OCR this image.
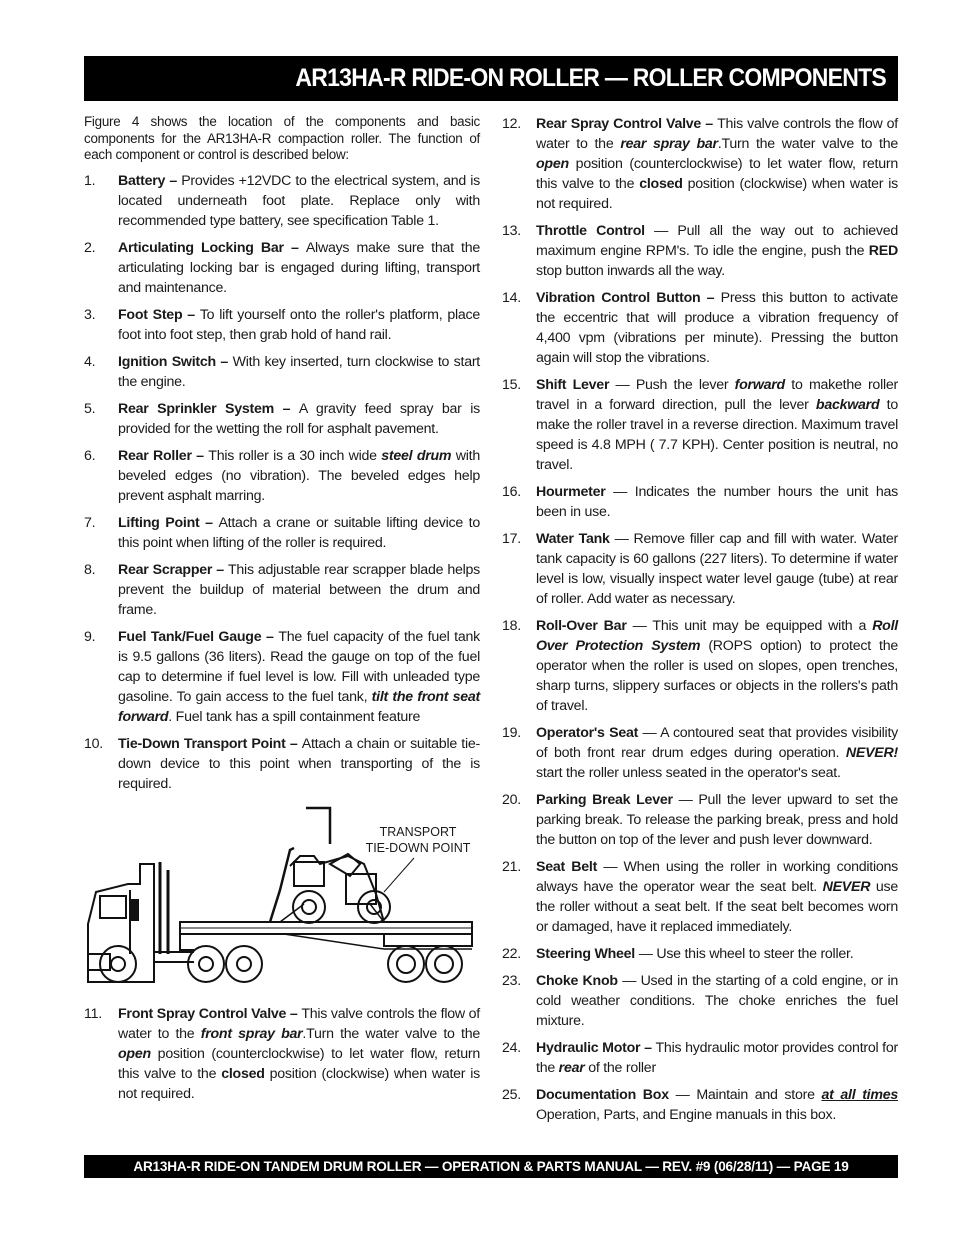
AR13HA-R RIDE-ON ROLLER — ROLLER COMPONENTS

Figure 4 shows the location of the components and basic components for the AR13HA-R compaction roller. The function of each component or control is described below:

1.	Battery – Provides +12VDC to the electrical system, and is located underneath foot plate. Replace only with recommended type battery, see specification Table 1.
2.	Articulating Locking Bar – Always make sure that the articulating locking bar is engaged during lifting, transport and maintenance.
3.	Foot Step – To lift yourself onto the roller's platform, place foot into foot step, then grab hold of hand rail.
4.	Ignition Switch – With key inserted, turn clockwise to start the engine.
5.	Rear Sprinkler System – A gravity feed spray bar is provided for the wetting the roll for asphalt pavement.
6.	Rear Roller – This roller is a 30 inch wide steel drum with beveled edges (no vibration). The beveled edges help prevent asphalt marring.
7.	Lifting Point – Attach a crane or suitable lifting device to this point when lifting of the roller is required.
8.	Rear Scrapper – This adjustable rear scrapper blade helps prevent the buildup of material between the drum and frame.
9.	Fuel Tank/Fuel Gauge – The fuel capacity of the fuel tank is 9.5 gallons (36 liters). Read the gauge on top of the fuel cap to determine if fuel level is low. Fill with unleaded type gasoline. To gain access to the fuel tank, tilt the front seat forward. Fuel tank has a spill containment feature
10.	Tie-Down Transport Point – Attach a chain or suitable tie-down device to this point when transporting of the is required.
TRANSPORT
TIE-DOWN POINT
11.	Front Spray Control Valve – This valve controls the flow of water to the front spray bar.Turn the water valve to the open position (counterclockwise) to let water flow, return this valve to the closed position (clockwise) when water is not required.
12.	Rear Spray Control Valve – This valve controls the flow of water to the rear spray bar.Turn the water valve to the open position (counterclockwise) to let water flow, return this valve to the closed position (clockwise) when water is not required.
13.	Throttle Control — Pull all the way out to achieved maximum engine RPM's. To idle the engine, push the RED stop button inwards all the way.
14.	Vibration Control Button – Press this button to activate the eccentric that will produce a vibration frequency of 4,400 vpm (vibrations per minute). Pressing the button again will stop the vibrations.
15.	Shift Lever — Push the lever forward to makethe roller travel in a forward direction, pull the lever backward to make the roller travel in a reverse direction. Maximum travel speed is 4.8 MPH ( 7.7 KPH). Center position is neutral, no travel.
16.	Hourmeter — Indicates the number hours the unit has been in use.
17.	Water Tank — Remove filler cap and fill with water. Water tank capacity is 60 gallons (227 liters). To determine if water level is low, visually inspect water level gauge (tube) at rear of roller. Add water as necessary.
18.	Roll-Over Bar — This unit may be equipped with a Roll Over Protection System (ROPS option) to protect the operator when the roller is used on slopes, open trenches, sharp turns, slippery surfaces or objects in the rollers's path of travel.
19.	Operator's Seat — A contoured seat that provides visibility of both front rear drum edges during operation. NEVER! start the roller unless seated in the operator's seat.
20.	Parking Break Lever — Pull the lever upward to set the parking break. To release the parking break, press and hold the button on top of the lever and push lever downward.
21.	Seat Belt — When using the roller in working conditions always have the operator wear the seat belt. NEVER use the roller without a seat belt. If the seat belt becomes worn or damaged, have it replaced immediately.
22.	Steering Wheel — Use this wheel to steer the roller.
23.	Choke Knob — Used in the starting of a cold engine, or in cold weather conditions. The choke enriches the fuel mixture.
24.	Hydraulic Motor – This hydraulic motor provides control for the rear of the roller
25.	Documentation Box — Maintain and store at all times Operation, Parts, and Engine manuals in this box.
AR13HA-R RIDE-ON TANDEM DRUM ROLLER — OPERATION & PARTS MANUAL — REV. #9 (06/28/11) — PAGE 19
